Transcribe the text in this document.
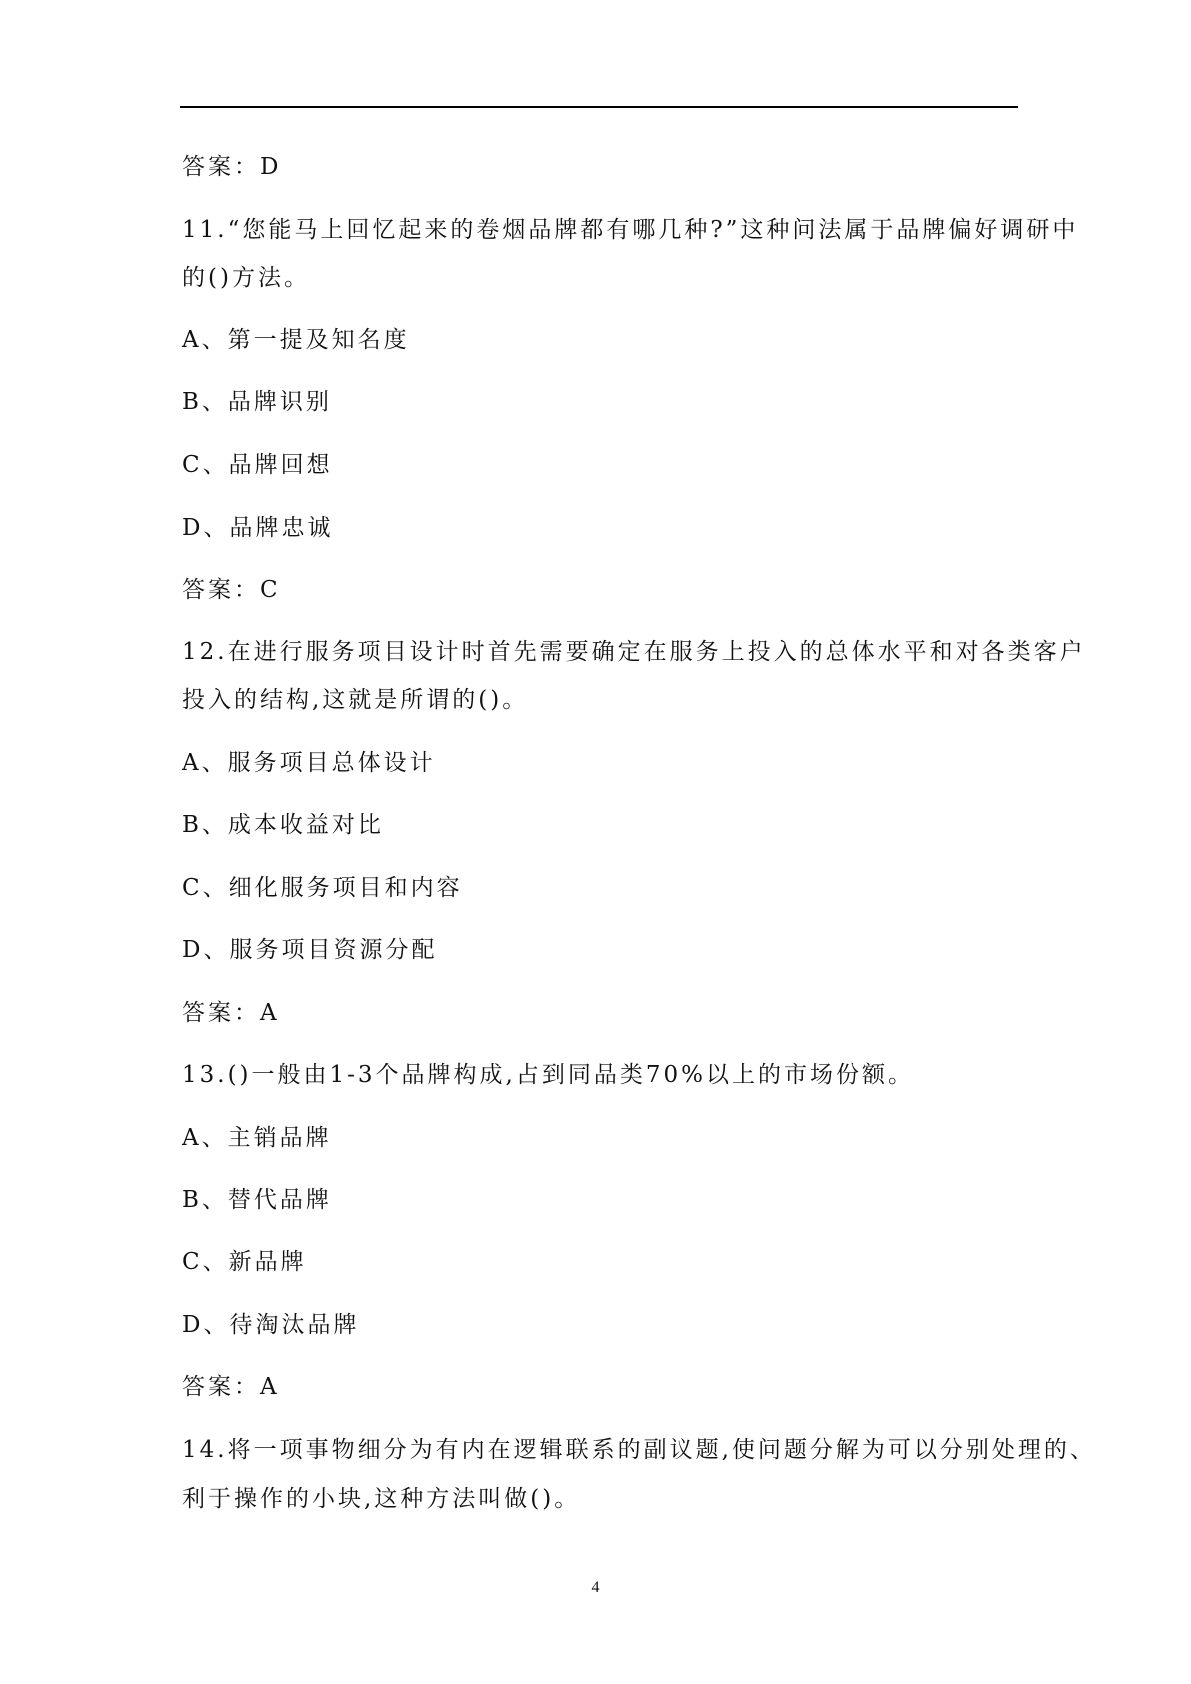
答案：D
11.“您能马上回忆起来的卷烟品牌都有哪几种?”这种问法属于品牌偏好调研中
的()方法。
A、第一提及知名度
B、品牌识别
C、品牌回想
D、品牌忠诚
答案：C
12.在进行服务项目设计时首先需要确定在服务上投入的总体水平和对各类客户
投入的结构,这就是所谓的()。
A、服务项目总体设计
B、成本收益对比
C、细化服务项目和内容
D、服务项目资源分配
答案：A
13.()一般由1-3个品牌构成,占到同品类70%以上的市场份额。
A、主销品牌
B、替代品牌
C、新品牌
D、待淘汰品牌
答案：A
14.将一项事物细分为有内在逻辑联系的副议题,使问题分解为可以分别处理的、
利于操作的小块,这种方法叫做()。
4
